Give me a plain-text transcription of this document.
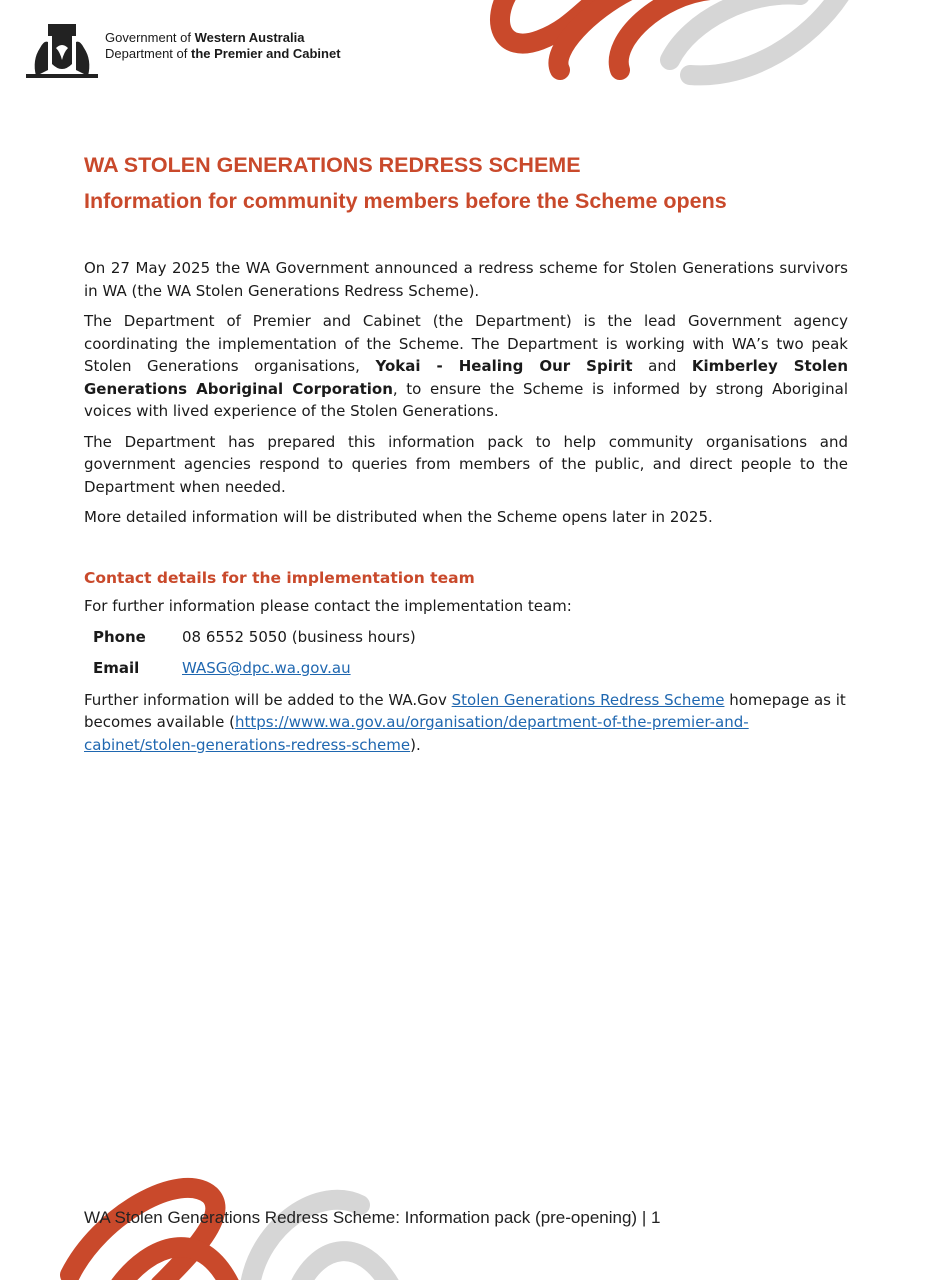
Government of Western Australia
Department of the Premier and Cabinet
WA STOLEN GENERATIONS REDRESS SCHEME
Information for community members before the Scheme opens

On 27 May 2025 the WA Government announced a redress scheme for Stolen Generations survivors in WA (the WA Stolen Generations Redress Scheme).

The Department of Premier and Cabinet (the Department) is the lead Government agency coordinating the implementation of the Scheme. The Department is working with WA’s two peak Stolen Generations organisations, Yokai - Healing Our Spirit and Kimberley Stolen Generations Aboriginal Corporation, to ensure the Scheme is informed by strong Aboriginal voices with lived experience of the Stolen Generations.

The Department has prepared this information pack to help community organisations and government agencies respond to queries from members of the public, and direct people to the Department when needed.

More detailed information will be distributed when the Scheme opens later in 2025.

Contact details for the implementation team

For further information please contact the implementation team:

Phone	08 6552 5050 (business hours)
Email	WASG@dpc.wa.gov.au

Further information will be added to the WA.Gov Stolen Generations Redress Scheme homepage as it becomes available (https://www.wa.gov.au/organisation/department-of-the-premier-and-cabinet/stolen-generations-redress-scheme).

WA Stolen Generations Redress Scheme: Information pack (pre-opening) | 1
